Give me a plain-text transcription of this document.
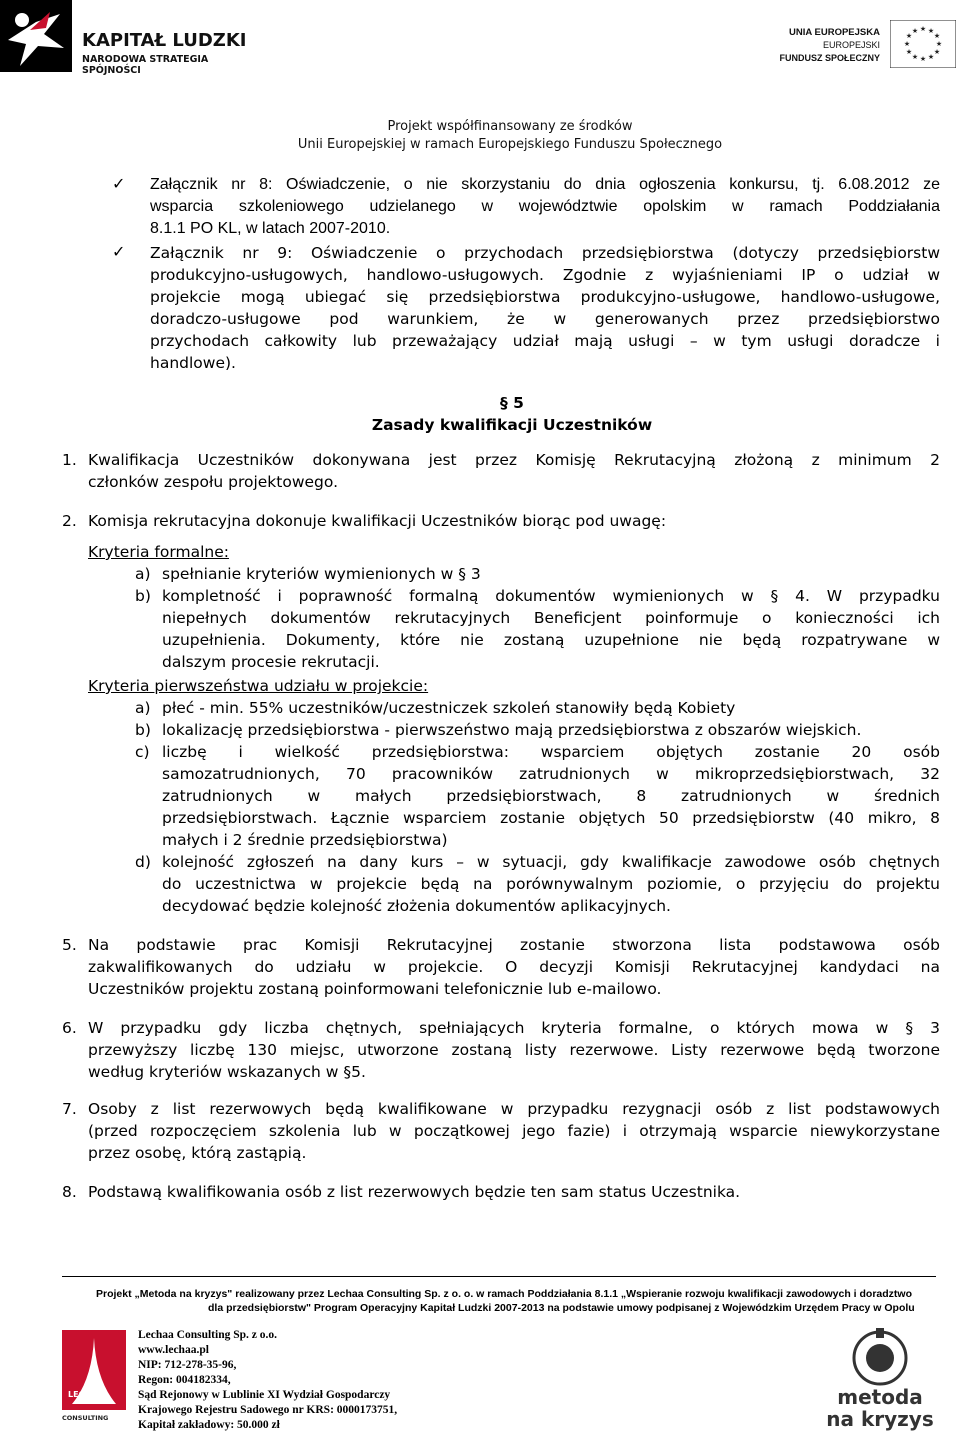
KAPITAŁ LUDZKI
NARODOWA STRATEGIA SPÓJNOŚCI
UNIA EUROPEJSKA
EUROPEJSKI
FUNDUSZ SPOŁECZNY
★ ★
★
★
★
★
★
★
★
★
★
★
Projekt współfinansowany ze środków
Unii Europejskiej w ramach Europejskiego Funduszu Społecznego
✓ Załącznik nr 8: Oświadczenie, o nie skorzystaniu do dnia ogłoszenia konkursu, tj. 6.08.2012 ze
wsparcia szkoleniowego udzielanego w województwie opolskim w ramach Poddziałania
8.1.1 PO KL, w latach 2007-2010.
✓ Załącznik nr 9: Oświadczenie o przychodach przedsiębiorstwa (dotyczy przedsiębiorstw
produkcyjno-usługowych, handlowo-usługowych. Zgodnie z wyjaśnieniami IP o udział w
projekcie mogą ubiegać się przedsiębiorstwa produkcyjno-usługowe, handlowo-usługowe,
doradczo-usługowe pod warunkiem, że w generowanych przez przedsiębiorstwo
przychodach całkowity lub przeważający udział mają usługi – w tym usługi doradcze i
handlowe).
§ 5
Zasady kwalifikacji Uczestników
1. Kwalifikacja Uczestników dokonywana jest przez Komisję Rekrutacyjną złożoną z minimum 2
członków zespołu projektowego.
2. Komisja rekrutacyjna dokonuje kwalifikacji Uczestników biorąc pod uwagę:
Kryteria formalne:
a) spełnianie kryteriów wymienionych w § 3
b) kompletność i poprawność formalną dokumentów wymienionych w § 4. W przypadku
niepełnych dokumentów rekrutacyjnych Beneficjent poinformuje o konieczności ich
uzupełnienia. Dokumenty, które nie zostaną uzupełnione nie będą rozpatrywane w
dalszym procesie rekrutacji.
Kryteria pierwszeństwa udziału w projekcie:
a) płeć - min. 55% uczestników/uczestniczek szkoleń stanowiły będą Kobiety
b) lokalizację przedsiębiorstwa - pierwszeństwo mają przedsiębiorstwa z obszarów wiejskich.
c) liczbę i wielkość przedsiębiorstwa: wsparciem objętych zostanie 20 osób
samozatrudnionych, 70 pracowników zatrudnionych w mikroprzedsiębiorstwach, 32
zatrudnionych w małych przedsiębiorstwach, 8 zatrudnionych w średnich
przedsiębiorstwach. Łącznie wsparciem zostanie objętych 50 przedsiębiorstw (40 mikro, 8
małych i 2 średnie przedsiębiorstwa)
d) kolejność zgłoszeń na dany kurs – w sytuacji, gdy kwalifikacje zawodowe osób chętnych
do uczestnictwa w projekcie będą na porównywalnym poziomie, o przyjęciu do projektu
decydować będzie kolejność złożenia dokumentów aplikacyjnych.
5. Na podstawie prac Komisji Rekrutacyjnej zostanie stworzona lista podstawowa osób
zakwalifikowanych do udziału w projekcie. O decyzji Komisji Rekrutacyjnej kandydaci na
Uczestników projektu zostaną poinformowani telefonicznie lub e-mailowo.
6. W przypadku gdy liczba chętnych, spełniających kryteria formalne, o których mowa w § 3
przewyższy liczbę 130 miejsc, utworzone zostaną listy rezerwowe. Listy rezerwowe będą tworzone
według kryteriów wskazanych w §5.
7. Osoby z list rezerwowych będą kwalifikowane w przypadku rezygnacji osób z list podstawowych
(przed rozpoczęciem szkolenia lub w początkowej jego fazie) i otrzymają wsparcie niewykorzystane
przez osobę, którą zastąpią.
8. Podstawą kwalifikowania osób z list rezerwowych będzie ten sam status Uczestnika.
Projekt „Metoda na kryzys" realizowany przez Lechaa Consulting Sp. z o. o. w ramach Poddziałania 8.1.1 „Wspieranie rozwoju kwalifikacji zawodowych i doradztwo
dla przedsiębiorstw" Program Operacyjny Kapitał Ludzki 2007-2013 na podstawie umowy podpisanej z Wojewódzkim Urzędem Pracy w Opolu
LECHAA
CONSULTING
Lechaa Consulting Sp. z o.o.
www.lechaa.pl
NIP: 712-278-35-96,
Regon: 004182334,
Sąd Rejonowy w Lublinie XI Wydział Gospodarczy
Krajowego Rejestru Sadowego nr KRS: 0000173751,
Kapitał zakładowy: 50.000 zł
metoda
na kryzys
